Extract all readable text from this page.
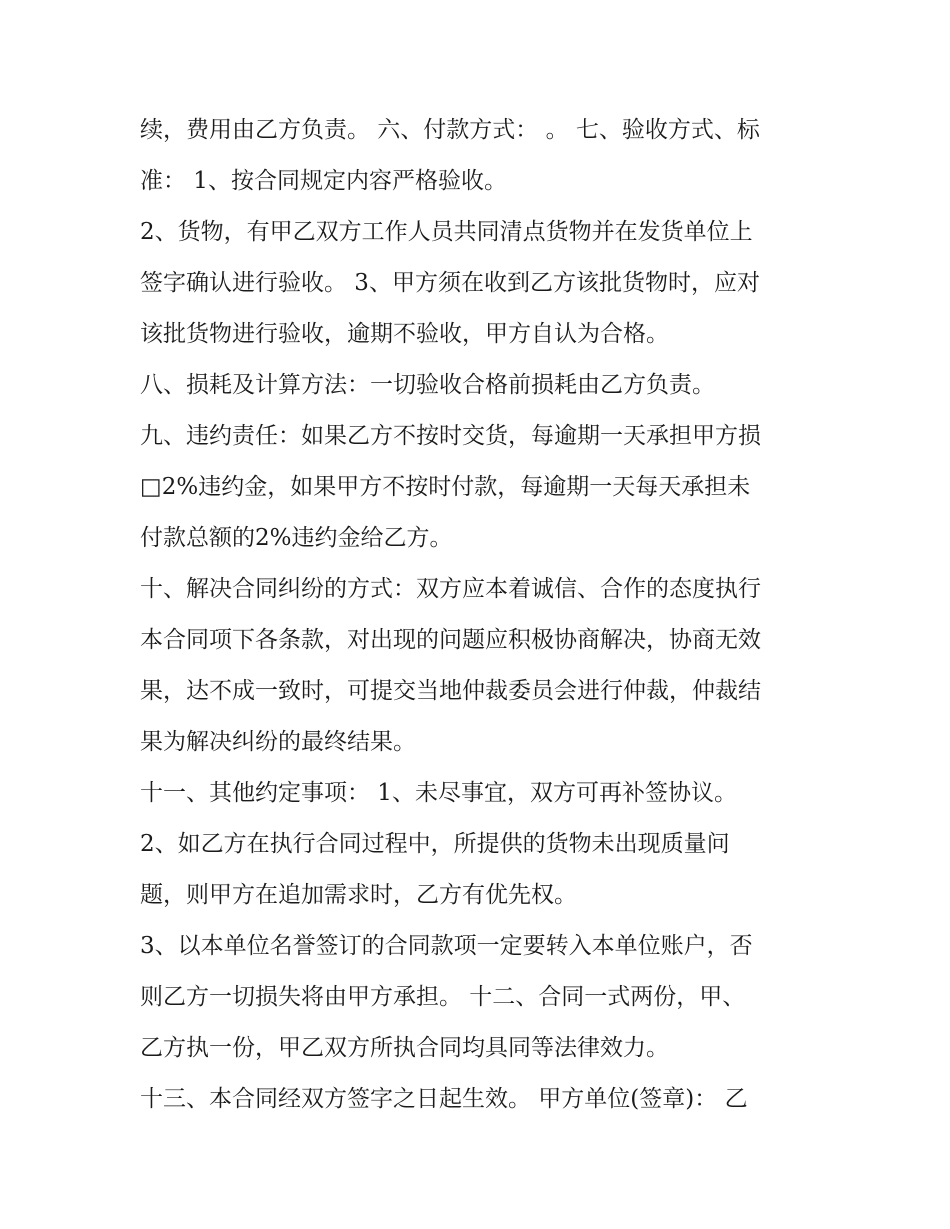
续，费用由乙方负责。 六、付款方式： 。 七、验收方式、标
准： 1、按合同规定内容严格验收。
2、货物，有甲乙双方工作人员共同清点货物并在发货单位上
签字确认进行验收。 3、甲方须在收到乙方该批货物时，应对
该批货物进行验收，逾期不验收，甲方自认为合格。
八、损耗及计算方法：一切验收合格前损耗由乙方负责。
九、违约责任：如果乙方不按时交货，每逾期一天承担甲方损
□2%违约金，如果甲方不按时付款，每逾期一天每天承担未
付款总额的2%违约金给乙方。
十、解决合同纠纷的方式：双方应本着诚信、合作的态度执行
本合同项下各条款，对出现的问题应积极协商解决，协商无效
果，达不成一致时，可提交当地仲裁委员会进行仲裁，仲裁结
果为解决纠纷的最终结果。
十一、其他约定事项： 1、未尽事宜，双方可再补签协议。
2、如乙方在执行合同过程中，所提供的货物未出现质量问
题，则甲方在追加需求时，乙方有优先权。
3、以本单位名誉签订的合同款项一定要转入本单位账户，否
则乙方一切损失将由甲方承担。 十二、合同一式两份，甲、
乙方执一份，甲乙双方所执合同均具同等法律效力。
十三、本合同经双方签字之日起生效。 甲方单位(签章)： 乙
